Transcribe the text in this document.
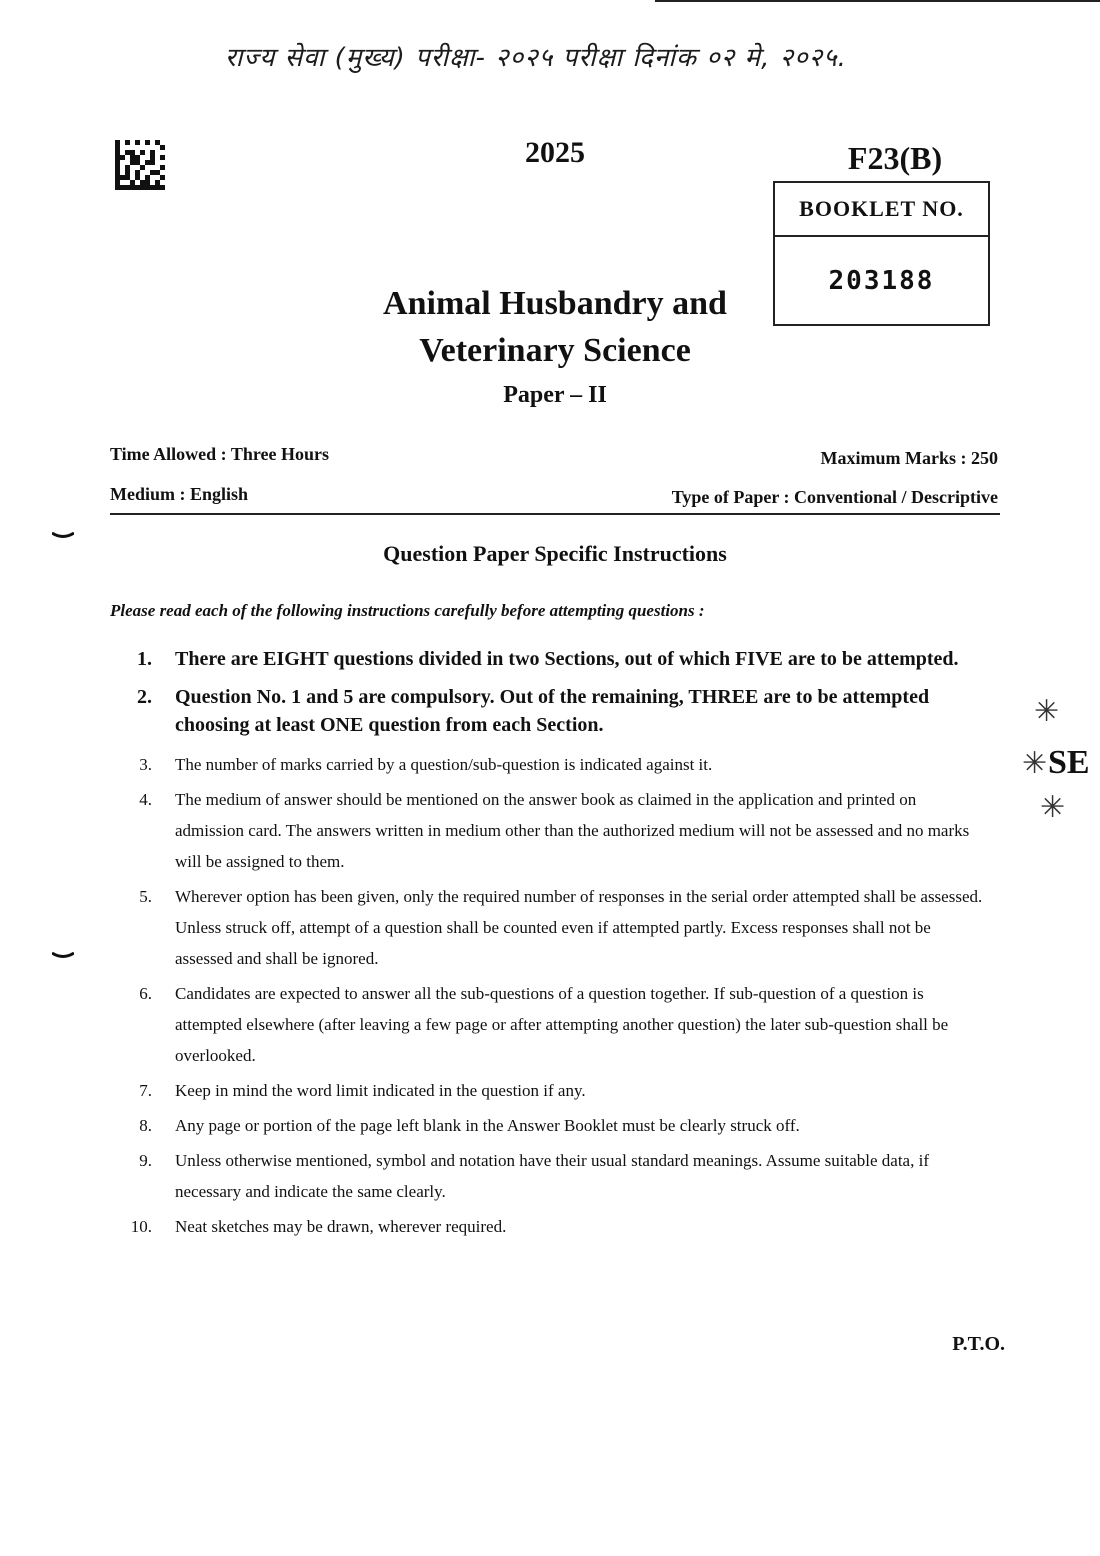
राज्य सेवा (मुख्य) परीक्षा- २०२५ परीक्षा दिनांक ०२ मे, २०२५.
2025	F23(B)
BOOKLET NO.
203188
Animal Husbandry and
Veterinary Science
Paper – II
Time Allowed : Three Hours	Maximum Marks : 250
Medium : English	Type of Paper : Conventional / Descriptive
Question Paper Specific Instructions
Please read each of the following instructions carefully before attempting questions :
1. There are EIGHT questions divided in two Sections, out of which FIVE are to be attempted.
2. Question No. 1 and 5 are compulsory. Out of the remaining, THREE are to be attempted choosing at least ONE question from each Section.
3. The number of marks carried by a question/sub-question is indicated against it.
4. The medium of answer should be mentioned on the answer book as claimed in the application and printed on admission card. The answers written in medium other than the authorized medium will not be assessed and no marks will be assigned to them.
5. Wherever option has been given, only the required number of responses in the serial order attempted shall be assessed. Unless struck off, attempt of a question shall be counted even if attempted partly. Excess responses shall not be assessed and shall be ignored.
6. Candidates are expected to answer all the sub-questions of a question together. If sub-question of a question is attempted elsewhere (after leaving a few page or after attempting another question) the later sub-question shall be overlooked.
7. Keep in mind the word limit indicated in the question if any.
8. Any page or portion of the page left blank in the Answer Booklet must be clearly struck off.
9. Unless otherwise mentioned, symbol and notation have their usual standard meanings. Assume suitable data, if necessary and indicate the same clearly.
10. Neat sketches may be drawn, wherever required.
✳
✳ SE
✳
P.T.O.
